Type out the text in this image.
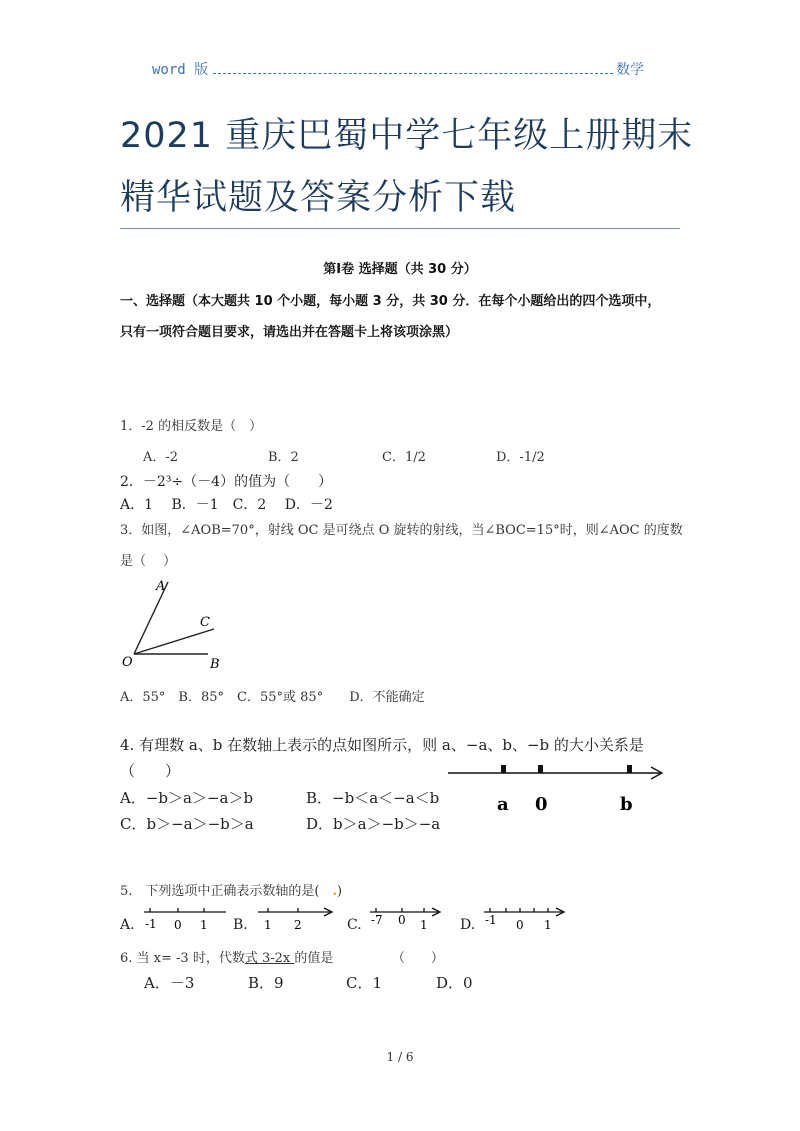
word 版	数学
2021 重庆巴蜀中学七年级上册期末
精华试题及答案分析下载
第Ⅰ卷 选择题（共 30 分）
一、选择题（本大题共 10 个小题，每小题 3 分，共 30 分．在每个小题给出的四个选项中，
只有一项符合题目要求，请选出并在答题卡上将该项涂黑）
1．-2 的相反数是（　）
A．-2	B．2	C．1/2	D．-1/2
2．－2³÷（－4）的值为（　　）
A．1　 B．－1　C．2　 D．－2
3．如图，∠AOB=70°，射线 OC 是可绕点 O 旋转的射线，当∠BOC=15°时，则∠AOC 的度数
是（　 ）
A
C
O	B
A．55°　B．85°　C．55°或 85°　　D．不能确定
4. 有理数 a、b 在数轴上表示的点如图所示，则 a、−a、b、−b 的大小关系是
（　　）
A．−b＞a＞−a＞b	B．−b＜a＜−a＜b
C．b＞−a＞−b＞a	D．b＞a＞−b＞−a
a 0	b
5.　下列选项中正确表示数轴的是(　.)
A. -1 0 1 B. 1 2	C. -7 0 1 D. -1 0 1
6. 当 x= -3 时，代数式 3-2x 的值是　　　　　（　　）
A．－3	B．9	C．1	D．0
1 / 6
